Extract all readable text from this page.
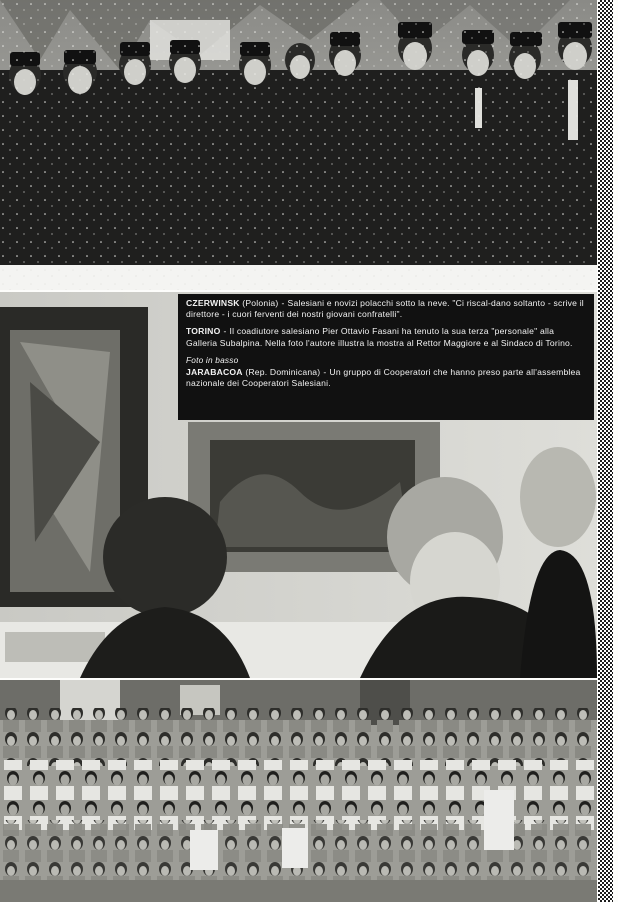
CZERWINSK (Polonia) - Salesiani e novizi polacchi sotto la neve. "Ci riscal-dano soltanto - scrive il direttore - i cuori ferventi dei nostri giovani confratelli".

TORINO - Il coadiutore salesiano Pier Ottavio Fasani ha tenuto la sua terza "personale" alla Galleria Subalpina. Nella foto l'autore illustra la mostra al Rettor Maggiore e al Sindaco di Torino.

Foto in basso

JARABACOA (Rep. Dominicana) - Un gruppo di Cooperatori che hanno preso parte all'assemblea nazionale dei Cooperatori Salesiani.
